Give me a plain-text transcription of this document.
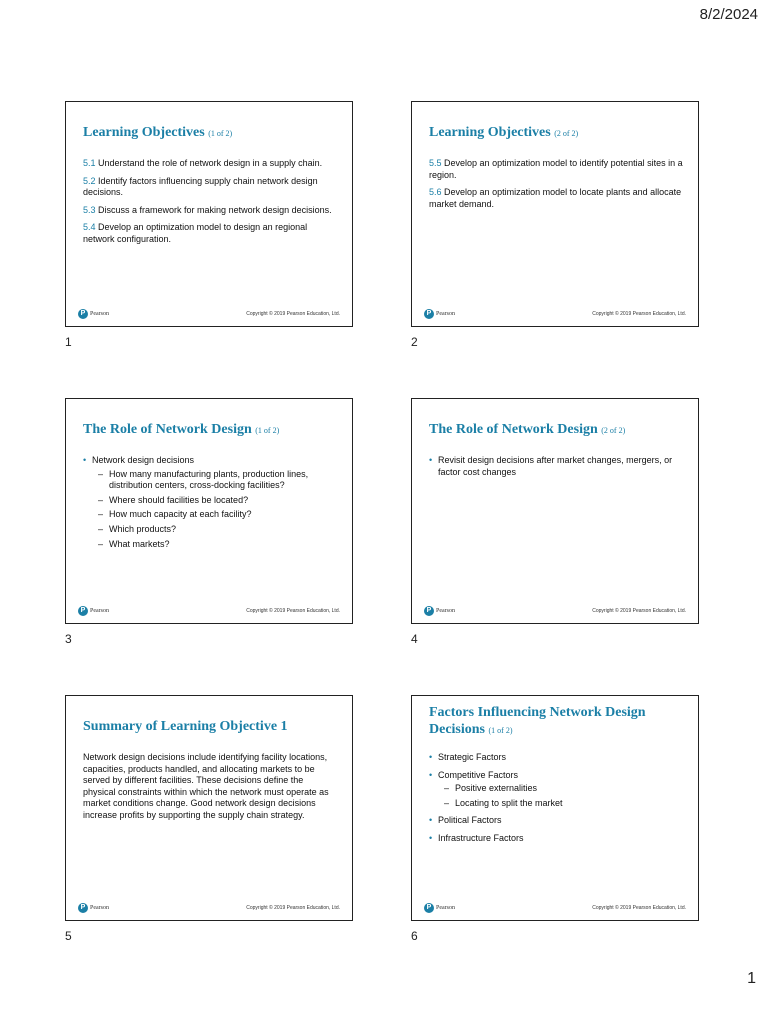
8/2/2024
Learning Objectives (1 of 2)

5.1 Understand the role of network design in a supply chain.

5.2 Identify factors influencing supply chain network design decisions.

5.3 Discuss a framework for making network design decisions.

5.4 Develop an optimization model to design an regional network configuration.

P Pearson	Copyright © 2019 Pearson Education, Ltd.
1
Learning Objectives (2 of 2)

5.5 Develop an optimization model to identify potential sites in a region.

5.6 Develop an optimization model to locate plants and allocate market demand.

P Pearson	Copyright © 2019 Pearson Education, Ltd.
2
The Role of Network Design (1 of 2)
• Network design decisions
– How many manufacturing plants, production lines, distribution centers, cross-docking facilities?
– Where should facilities be located?
– How much capacity at each facility?
– Which products?
– What markets?
P Pearson	Copyright © 2019 Pearson Education, Ltd.
3
The Role of Network Design (2 of 2)
• Revisit design decisions after market changes, mergers, or factor cost changes
P Pearson	Copyright © 2019 Pearson Education, Ltd.
4
Summary of Learning Objective 1
Network design decisions include identifying facility locations, capacities, products handled, and allocating markets to be served by different facilities. These decisions define the physical constraints within which the network must operate as market conditions change. Good network design decisions increase profits by supporting the supply chain strategy.
P Pearson	Copyright © 2019 Pearson Education, Ltd.
5
Factors Influencing Network Design Decisions (1 of 2)
• Strategic Factors
• Competitive Factors
– Positive externalities
– Locating to split the market
• Political Factors
• Infrastructure Factors
P Pearson	Copyright © 2019 Pearson Education, Ltd.
6
1
